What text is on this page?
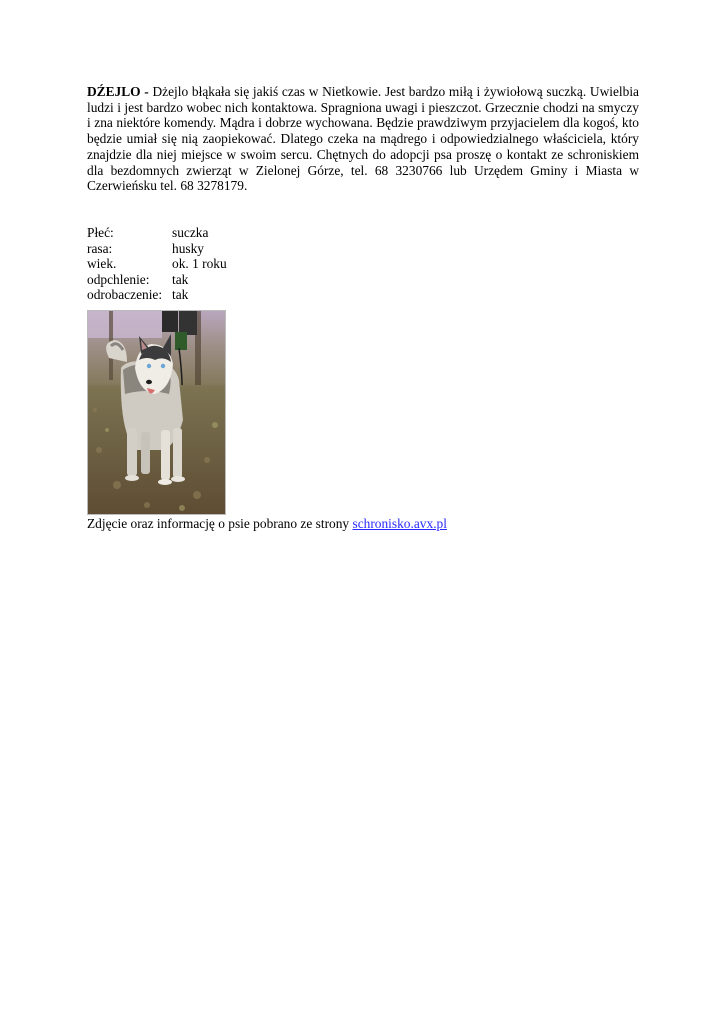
DŹEJLO - Dżejlo błąkała się jakiś czas w Nietkowie. Jest bardzo miłą i żywiołową suczką. Uwielbia ludzi i jest bardzo wobec nich kontaktowa. Spragniona uwagi i pieszczot. Grzecznie chodzi na smyczy i zna niektóre komendy. Mądra i dobrze wychowana. Będzie prawdziwym przyjacielem dla kogoś, kto będzie umiał się nią zaopiekować. Dlatego czeka na mądrego i odpowiedzialnego właściciela, który znajdzie dla niej miejsce w swoim sercu. Chętnych do adopcji psa proszę o kontakt ze schroniskiem dla bezdomnych zwierząt w Zielonej Górze, tel. 68 3230766 lub Urzędem Gminy i Miasta w Czerwieńsku tel. 68 3278179.

Płeć:	suczka
rasa:	husky
wiek.	ok. 1 roku
odpchlenie:	tak
odrobaczenie:	tak

Zdjęcie oraz informację o psie pobrano ze strony schronisko.avx.pl
